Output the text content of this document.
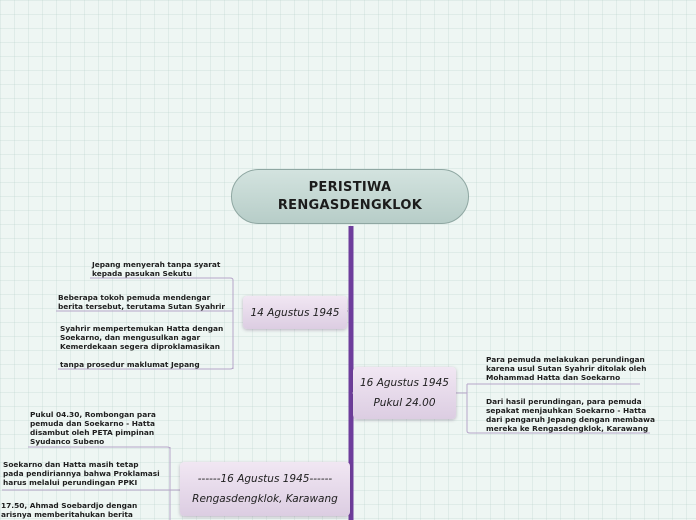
PERISTIWA
RENGASDENGKLOK
14 Agustus 1945
16 Agustus 1945
Pukul 24.00
------16 Agustus 1945------
Rengasdengklok, Karawang
Jepang menyerah tanpa syarat
kepada pasukan Sekutu
Beberapa tokoh pemuda mendengar
berita tersebut, terutama Sutan Syahrir
Syahrir mempertemukan Hatta dengan
Soekarno, dan mengusulkan agar
Kemerdekaan segera diproklamasikan

tanpa prosedur maklumat Jepang
Para pemuda melakukan perundingan
karena usul Sutan Syahrir ditolak oleh
Mohammad Hatta dan Soekarno
Dari hasil perundingan, para pemuda
sepakat menjauhkan Soekarno - Hatta
dari pengaruh Jepang dengan membawa
mereka ke Rengasdengklok, Karawang
Pukul 04.30, Rombongan para
pemuda dan Soekarno - Hatta
disambut oleh PETA pimpinan
Syudanco Subeno
Soekarno dan Hatta masih tetap
pada pendiriannya bahwa Proklamasi
harus melalui perundingan PPKI
17.50, Ahmad Soebardjo dengan
arisnya memberitahukan berita
